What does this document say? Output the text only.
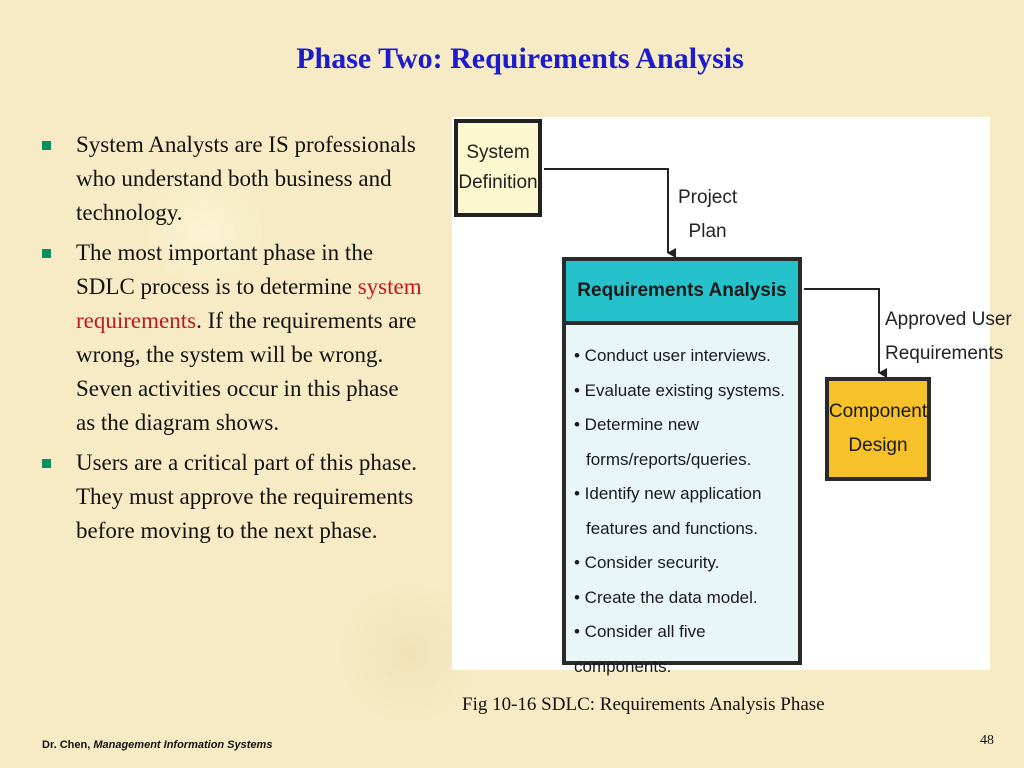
Phase Two: Requirements Analysis
System Analysts are IS professionals who understand both business and technology.
The most important phase in the SDLC process is to determine system requirements. If the requirements are wrong, the system will be wrong. Seven activities occur in this phase as the diagram shows.
Users are a critical part of this phase. They must approve the requirements before moving to the next phase.
System
Definition
Project
Plan
Requirements Analysis
• Conduct user interviews.
• Evaluate existing systems.
• Determine new
forms/reports/queries.
• Identify new application
features and functions.
• Consider security.
• Create the data model.
• Consider all five components.
Approved User
Requirements
Component
Design
Fig 10-16 SDLC: Requirements Analysis Phase
Dr. Chen, Management Information Systems	48
